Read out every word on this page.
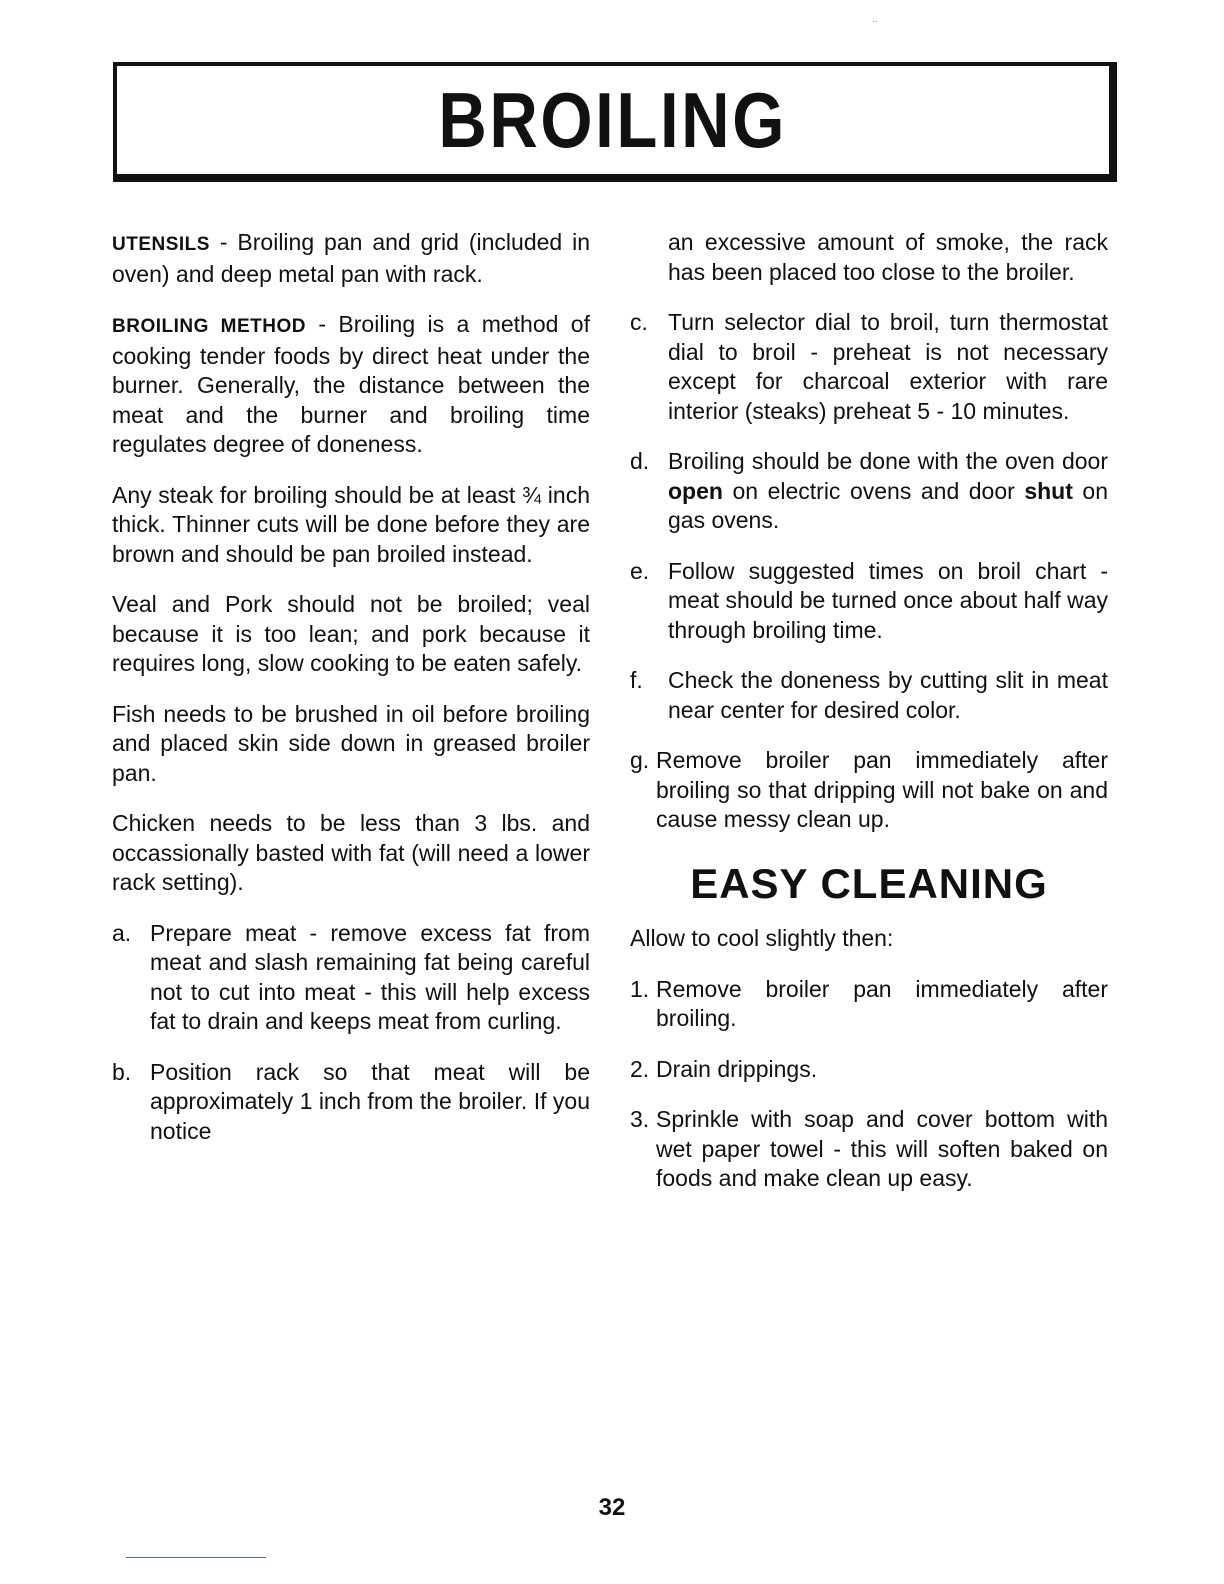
..
BROILING

UTENSILS - Broiling pan and grid (included in oven) and deep metal pan with rack.

BROILING METHOD - Broiling is a method of cooking tender foods by direct heat under the burner. Generally, the distance between the meat and the burner and broiling time regulates degree of doneness.

Any steak for broiling should be at least ¾ inch thick. Thinner cuts will be done before they are brown and should be pan broiled instead.

Veal and Pork should not be broiled; veal because it is too lean; and pork because it requires long, slow cooking to be eaten safely.

Fish needs to be brushed in oil before broiling and placed skin side down in greased broiler pan.

Chicken needs to be less than 3 lbs. and occassionally basted with fat (will need a lower rack setting).

a. Prepare meat - remove excess fat from meat and slash remaining fat being careful not to cut into meat - this will help excess fat to drain and keeps meat from curling.

b. Position rack so that meat will be approximately 1 inch from the broiler. If you notice

an excessive amount of smoke, the rack has been placed too close to the broiler.

c. Turn selector dial to broil, turn thermostat dial to broil - preheat is not necessary except for charcoal exterior with rare interior (steaks) preheat 5 - 10 minutes.

d. Broiling should be done with the oven door open on electric ovens and door shut on gas ovens.

e. Follow suggested times on broil chart - meat should be turned once about half way through broiling time.

f. Check the doneness by cutting slit in meat near center for desired color.

g. Remove broiler pan immediately after broiling so that dripping will not bake on and cause messy clean up.

EASY CLEANING

Allow to cool slightly then:

1. Remove broiler pan immediately after broiling.

2. Drain drippings.

3. Sprinkle with soap and cover bottom with wet paper towel - this will soften baked on foods and make clean up easy.

32
